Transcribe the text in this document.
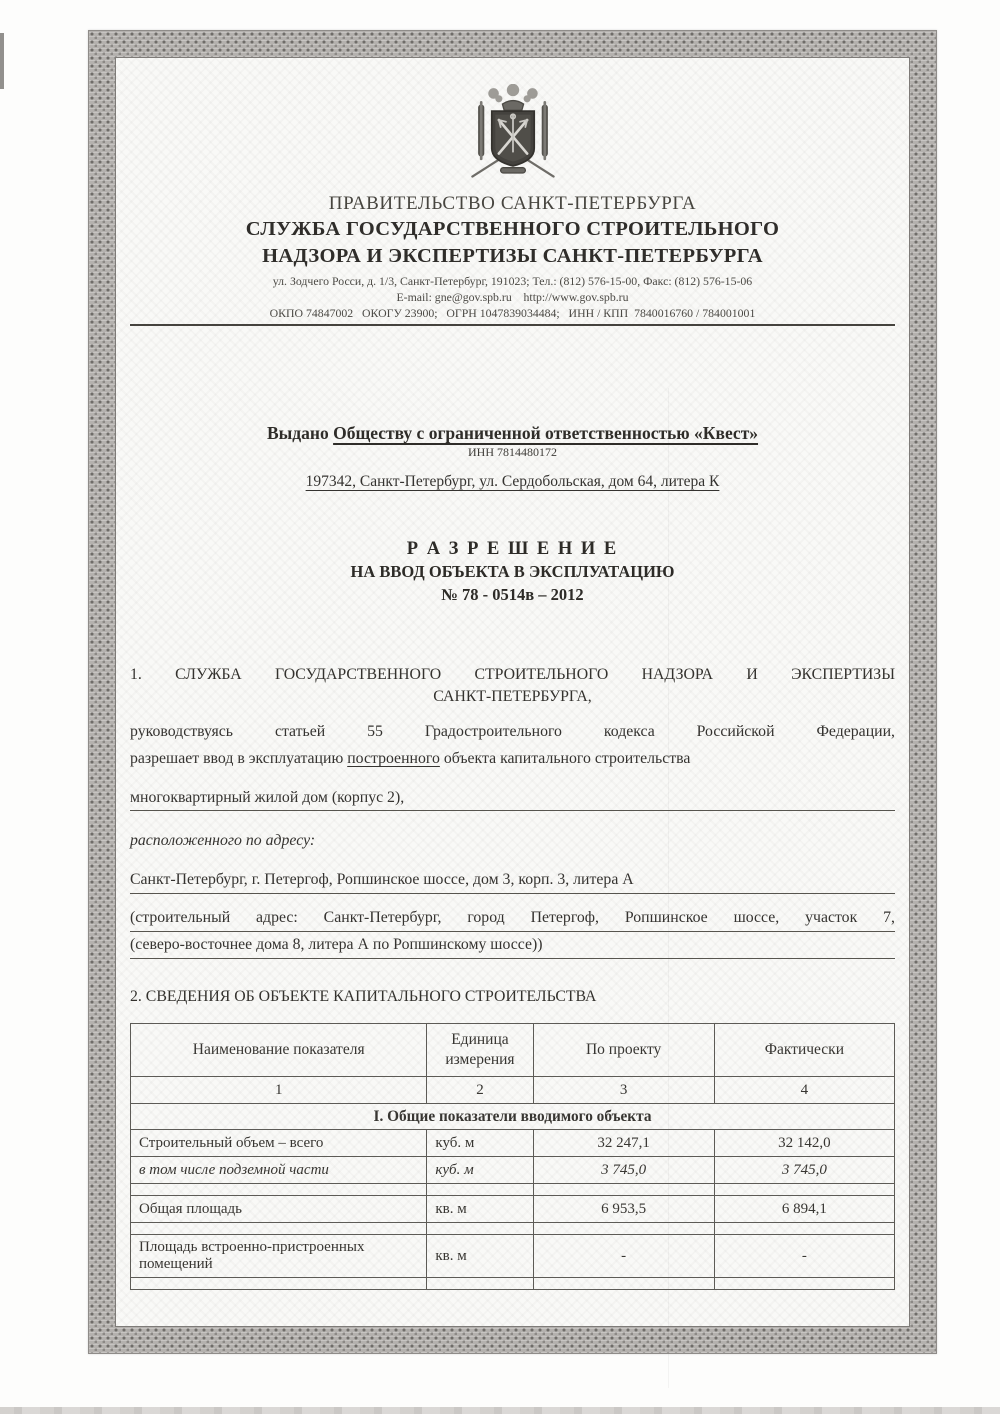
ПРАВИТЕЛЬСТВО САНКТ-ПЕТЕРБУРГА
СЛУЖБА ГОСУДАРСТВЕННОГО СТРОИТЕЛЬНОГО
НАДЗОРА И ЭКСПЕРТИЗЫ САНКТ-ПЕТЕРБУРГА
ул. Зодчего Росси, д. 1/3, Санкт-Петербург, 191023; Тел.: (812) 576-15-00, Факс: (812) 576-15-06
E-mail: gne@gov.spb.ru    http://www.gov.spb.ru
ОКПО 74847002   ОКОГУ 23900;   ОГРН 1047839034484;   ИНН / КПП  7840016760 / 784001001
Выдано Обществу с ограниченной ответственностью «Квест»
ИНН 7814480172
197342, Санкт-Петербург, ул. Сердобольская, дом 64, литера К
Р А З Р Е Ш Е Н И Е
НА ВВОД ОБЪЕКТА В ЭКСПЛУАТАЦИЮ
№ 78 - 0514в – 2012
1. СЛУЖБА ГОСУДАРСТВЕННОГО СТРОИТЕЛЬНОГО НАДЗОРА И ЭКСПЕРТИЗЫ
САНКТ-ПЕТЕРБУРГА,
руководствуясь статьей 55 Градостроительного кодекса Российской Федерации,
разрешает ввод в эксплуатацию построенного объекта капитального строительства
многоквартирный жилой дом (корпус 2),
расположенного по адресу:
Санкт-Петербург, г. Петергоф, Ропшинское шоссе, дом 3, корп. 3, литера А
(строительный адрес: Санкт-Петербург, город Петергоф, Ропшинское шоссе, участок 7,
(северо-восточнее дома 8, литера А по Ропшинскому шоссе))
2. СВЕДЕНИЯ ОБ ОБЪЕКТЕ КАПИТАЛЬНОГО СТРОИТЕЛЬСТВА
Наименование показателя	Единица измерения	По проекту	Фактически
1	2	3	4
I. Общие показатели вводимого объекта			
Строительный объем – всего	куб. м	32 247,1	32 142,0
в том числе подземной части	куб. м	3 745,0	3 745,0

Общая площадь	кв. м	6 953,5	6 894,1

Площадь встроенно-пристроенных помещений	кв. м	-	-
